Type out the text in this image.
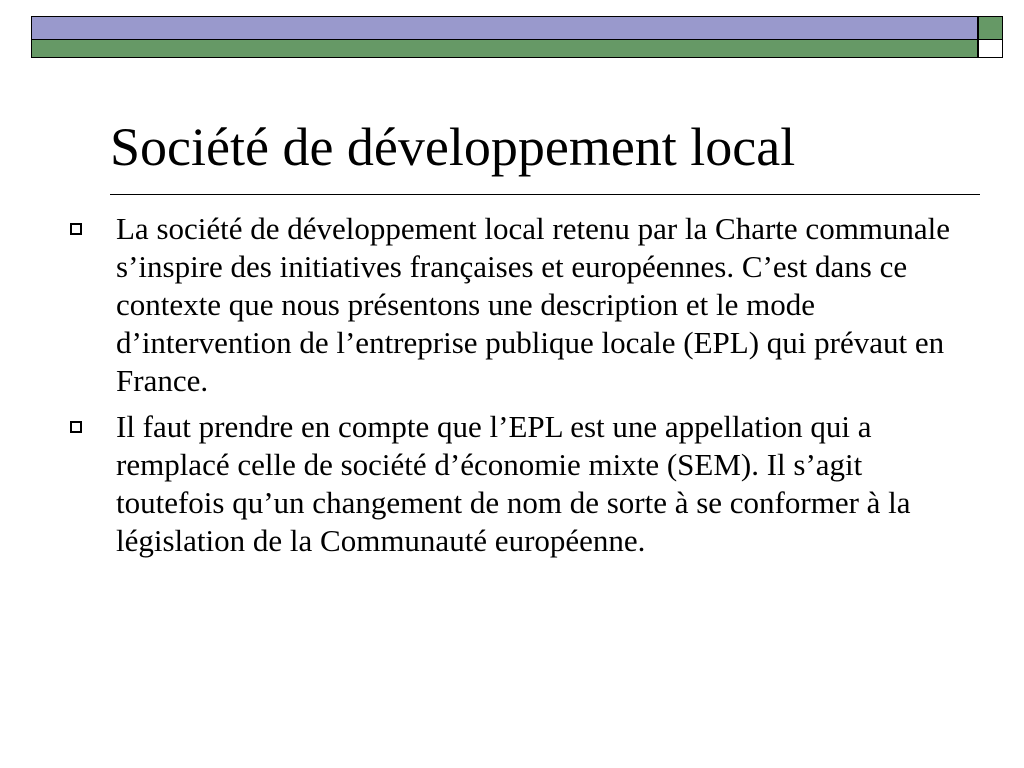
Société de développement local
La société de développement local retenu par la Charte communale s’inspire des initiatives françaises et européennes. C’est dans ce contexte que nous présentons une description et le mode d’intervention de l’entreprise publique locale (EPL) qui prévaut en France.
Il faut prendre en compte que l’EPL est une appellation qui a remplacé celle de société d’économie mixte (SEM). Il s’agit toutefois qu’un changement de nom de sorte à se conformer à la législation de la Communauté européenne.
